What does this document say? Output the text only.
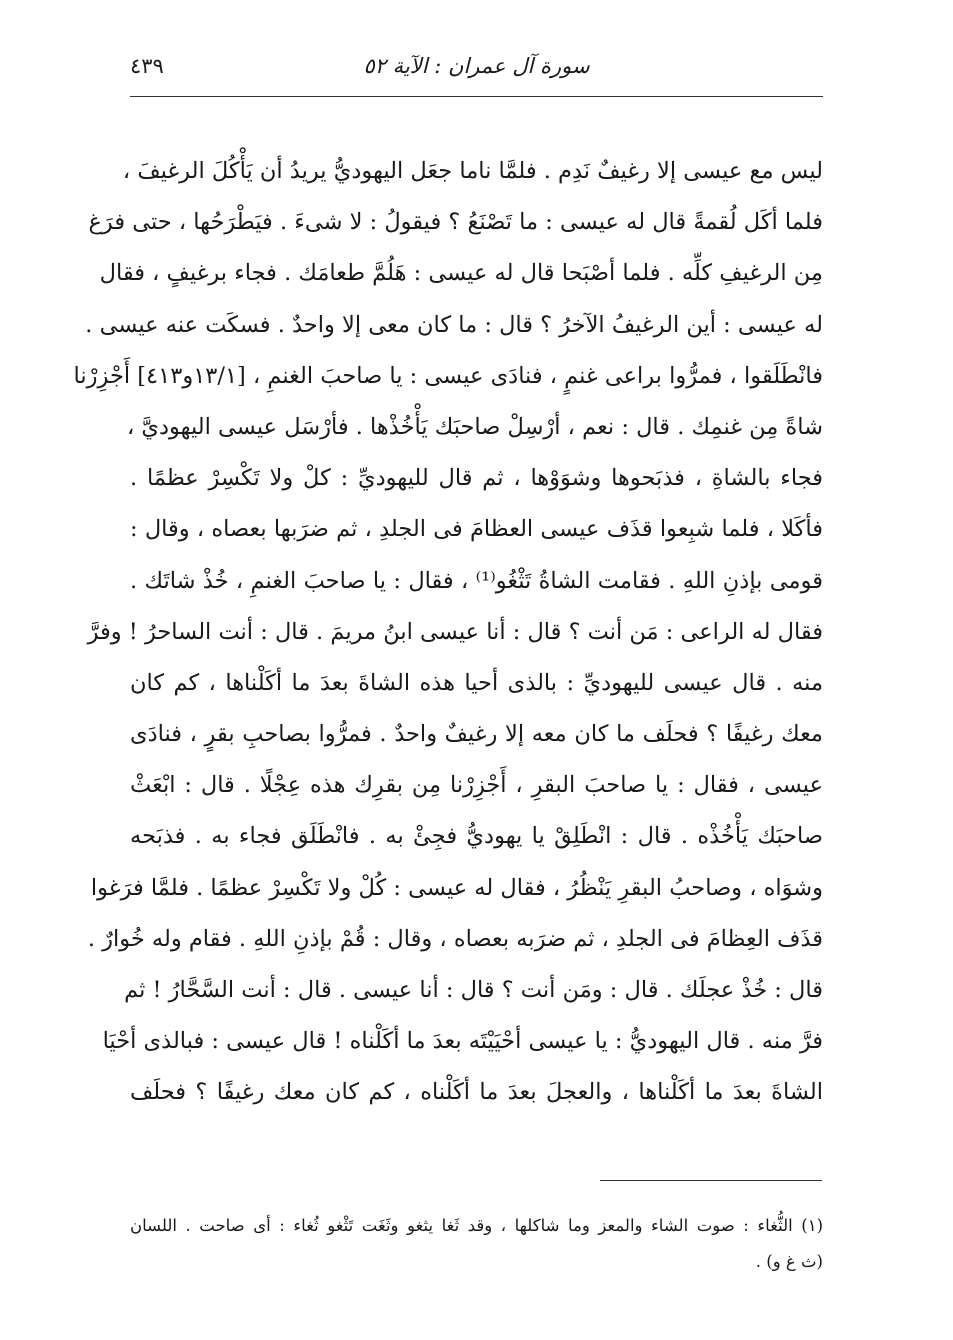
٤٣٩	سورة آل عمران : الآية ٥٢
ليس مع عيسى إلا رغيفٌ نَدِم . فلمَّا ناما جعَل اليهوديُّ يريدُ أن يَأْكُلَ الرغيفَ ،
فلما أكَل لُقمةً قال له عيسى : ما تَصْنَعُ ؟ فيقولُ : لا شىءَ . فيَطْرَحُها ، حتى فرَغ
مِن الرغيفِ كلِّه . فلما أصْبَحا قال له عيسى : هَلُمَّ طعامَك . فجاء برغيفٍ ، فقال
له عيسى : أين الرغيفُ الآخرُ ؟ قال : ما كان معى إلا واحدٌ . فسكَت عنه عيسى .
فانْطَلَقوا ، فمرُّوا براعى غنمٍ ، فنادَى عيسى : يا صاحبَ الغنمِ ، [١٣/١و٤١٣] أَجْزِرْنا
شاةً مِن غنمِك . قال : نعم ، أرْسِلْ صاحبَك يَأْخُذْها . فأرْسَل عيسى اليهوديَّ ،
فجاء بالشاةِ ، فذبَحوها وشوَوْها ، ثم قال لليهوديِّ : كلْ ولا تَكْسِرْ عظمًا .
فأكَلا ، فلما شبِعوا قذَف عيسى العظامَ فى الجلدِ ، ثم ضرَبها بعصاه ، وقال :
قومى بإذنِ اللهِ . فقامت الشاةُ تَثْغُو⁽¹⁾ ، فقال : يا صاحبَ الغنمِ ، خُذْ شاتَك .
فقال له الراعى : مَن أنت ؟ قال : أنا عيسى ابنُ مريمَ . قال : أنت الساحرُ ! وفرَّ
منه . قال عيسى لليهوديِّ : بالذى أحيا هذه الشاةَ بعدَ ما أكَلْناها ، كم كان
معك رغيفًا ؟ فحلَف ما كان معه إلا رغيفٌ واحدٌ . فمرُّوا بصاحبِ بقرٍ ، فنادَى
عيسى ، فقال : يا صاحبَ البقرِ ، أَجْزِرْنا مِن بقرِك هذه عِجْلًا . قال : ابْعَثْ
صاحبَك يَأْخُذْه . قال : انْطَلِقْ يا يهوديُّ فجِئْ به . فانْطَلَق فجاء به . فذبَحه
وشوَاه ، وصاحبُ البقرِ يَنْظُرُ ، فقال له عيسى : كُلْ ولا تَكْسِرْ عظمًا . فلمَّا فرَغوا
قذَف العِظامَ فى الجلدِ ، ثم ضرَبه بعصاه ، وقال : قُمْ بإذنِ اللهِ . فقام وله خُوارٌ .
قال : خُذْ عجلَك . قال : ومَن أنت ؟ قال : أنا عيسى . قال : أنت السَّحَّارُ ! ثم
فرَّ منه . قال اليهوديُّ : يا عيسى أحْيَيْتَه بعدَ ما أكَلْناه ! قال عيسى : فبالذى أحْيَا
الشاةَ بعدَ ما أكَلْناها ، والعجلَ بعدَ ما أكَلْناه ، كم كان معك رغيفًا ؟ فحلَف
(١) الثُّغاء : صوت الشاء والمعز وما شاكلها ، وقد ثَغا يثغو وثَغَت تَثْغو ثُغاء : أى صاحت . اللسان
(ث غ و) .
